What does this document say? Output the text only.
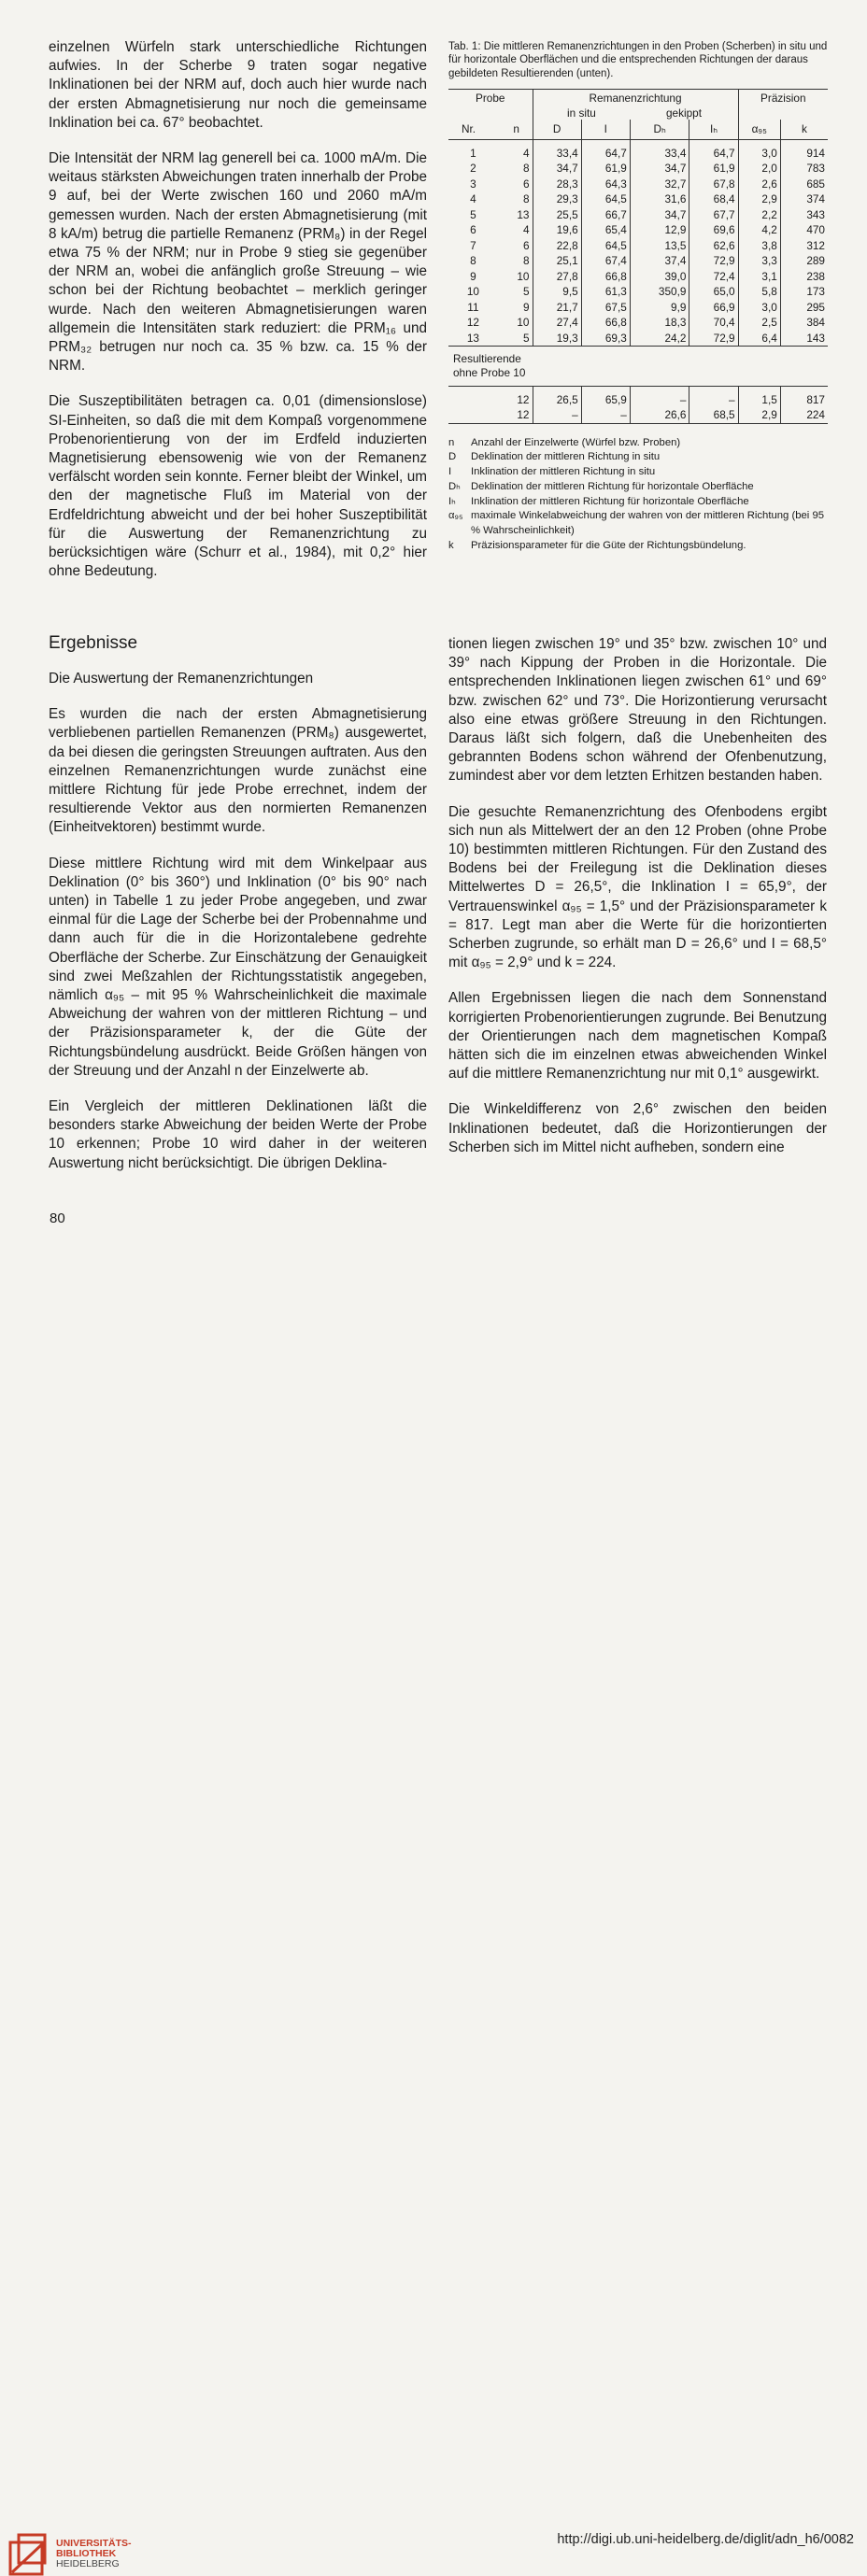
einzelnen Würfeln stark unterschiedliche Richtungen aufwies. In der Scherbe 9 traten sogar negative Inklinationen bei der NRM auf, doch auch hier wurde nach der ersten Abmagnetisierung nur noch die gemeinsame Inklination bei ca. 67° beobachtet.

Die Intensität der NRM lag generell bei ca. 1000 mA/m. Die weitaus stärksten Abweichungen traten innerhalb der Probe 9 auf, bei der Werte zwischen 160 und 2060 mA/m gemessen wurden. Nach der ersten Abmagnetisierung (mit 8 kA/m) betrug die partielle Remanenz (PRM₈) in der Regel etwa 75 % der NRM; nur in Probe 9 stieg sie gegenüber der NRM an, wobei die anfänglich große Streuung – wie schon bei der Richtung beobachtet – merklich geringer wurde. Nach den weiteren Abmagnetisierungen waren allgemein die Intensitäten stark reduziert: die PRM₁₆ und PRM₃₂ betrugen nur noch ca. 35 % bzw. ca. 15 % der NRM.

Die Suszeptibilitäten betragen ca. 0,01 (dimensionslose) SI-Einheiten, so daß die mit dem Kompaß vorgenommene Probenorientierung von der im Erdfeld induzierten Magnetisierung ebensowenig wie von der Remanenz verfälscht worden sein konnte. Ferner bleibt der Winkel, um den der magnetische Fluß im Material von der Erdfeldrichtung abweicht und der bei hoher Suszeptibilität für die Auswertung der Remanenzrichtung zu berücksichtigen wäre (Schurr et al., 1984), mit 0,2° hier ohne Bedeutung.

Ergebnisse
Die Auswertung der Remanenzrichtungen

Es wurden die nach der ersten Abmagnetisierung verbliebenen partiellen Remanenzen (PRM₈) ausgewertet, da bei diesen die geringsten Streuungen auftraten. Aus den einzelnen Remanenzrichtungen wurde zunächst eine mittlere Richtung für jede Probe errechnet, indem der resultierende Vektor aus den normierten Remanenzen (Einheitvektoren) bestimmt wurde.

Diese mittlere Richtung wird mit dem Winkelpaar aus Deklination (0° bis 360°) und Inklination (0° bis 90° nach unten) in Tabelle 1 zu jeder Probe angegeben, und zwar einmal für die Lage der Scherbe bei der Probennahme und dann auch für die in die Horizontalebene gedrehte Oberfläche der Scherbe. Zur Einschätzung der Genauigkeit sind zwei Meßzahlen der Richtungsstatistik angegeben, nämlich α₉₅ – mit 95 % Wahrscheinlichkeit die maximale Abweichung der wahren von der mittleren Richtung – und der Präzisionsparameter k, der die Güte der Richtungsbündelung ausdrückt. Beide Größen hängen von der Streuung und der Anzahl n der Einzelwerte ab.

Ein Vergleich der mittleren Deklinationen läßt die besonders starke Abweichung der beiden Werte der Probe 10 erkennen; Probe 10 wird daher in der weiteren Auswertung nicht berücksichtigt. Die übrigen Deklina-

Tab. 1: Die mittleren Remanenzrichtungen in den Proben (Scherben) in situ und für horizontale Oberflächen und die entsprechenden Richtungen der daraus gebildeten Resultierenden (unten).
Probe		Remanenzrichtung				Präzision	
		in situ		gekippt			
Nr.	n	D	I	Dₕ	Iₕ	α₉₅	k

1	4	33,4	64,7	33,4	64,7	3,0	914
2	8	34,7	61,9	34,7	61,9	2,0	783
3	6	28,3	64,3	32,7	67,8	2,6	685
4	8	29,3	64,5	31,6	68,4	2,9	374
5	13	25,5	66,7	34,7	67,7	2,2	343
6	4	19,6	65,4	12,9	69,6	4,2	470
7	6	22,8	64,5	13,5	62,6	3,8	312
8	8	25,1	67,4	37,4	72,9	3,3	289
9	10	27,8	66,8	39,0	72,4	3,1	238
10	5	9,5	61,3	350,9	65,0	5,8	173
11	9	21,7	67,5	9,9	66,9	3,0	295
12	10	27,4	66,8	18,3	70,4	2,5	384
13	5	19,3	69,3	24,2	72,9	6,4	143

Resultierende ohne Probe 10							

	12	26,5	65,9	–	–	1,5	817
	12	–	–	26,6	68,5	2,9	224
n	Anzahl der Einzelwerte (Würfel bzw. Proben)
D	Deklination der mittleren Richtung in situ
I	Inklination der mittleren Richtung in situ
Dₕ Deklination der mittleren Richtung für horizontale Oberfläche
Iₕ	Inklination der mittleren Richtung für horizontale Oberfläche
α₉₅ maximale Winkelabweichung der wahren von der mittleren Richtung (bei 95 % Wahrscheinlichkeit)
k	Präzisionsparameter für die Güte der Richtungsbündelung.

tionen liegen zwischen 19° und 35° bzw. zwischen 10° und 39° nach Kippung der Proben in die Horizontale. Die entsprechenden Inklinationen liegen zwischen 61° und 69° bzw. zwischen 62° und 73°. Die Horizontierung verursacht also eine etwas größere Streuung in den Richtungen. Daraus läßt sich folgern, daß die Unebenheiten des gebrannten Bodens schon während der Ofenbenutzung, zumindest aber vor dem letzten Erhitzen bestanden haben.

Die gesuchte Remanenzrichtung des Ofenbodens ergibt sich nun als Mittelwert der an den 12 Proben (ohne Probe 10) bestimmten mittleren Richtungen. Für den Zustand des Bodens bei der Freilegung ist die Deklination dieses Mittelwertes D = 26,5°, die Inklination I = 65,9°, der Vertrauenswinkel α₉₅ = 1,5° und der Präzisionsparameter k = 817. Legt man aber die Werte für die horizontierten Scherben zugrunde, so erhält man D = 26,6° und I = 68,5° mit α₉₅ = 2,9° und k = 224.

Allen Ergebnissen liegen die nach dem Sonnenstand korrigierten Probenorientierungen zugrunde. Bei Benutzung der Orientierungen nach dem magnetischen Kompaß hätten sich die im einzelnen etwas abweichenden Winkel auf die mittlere Remanenzrichtung nur mit 0,1° ausgewirkt.

Die Winkeldifferenz von 2,6° zwischen den beiden Inklinationen bedeutet, daß die Horizontierungen der Scherben sich im Mittel nicht aufheben, sondern eine

80
UNIVERSITÄTS-
BIBLIOTHEK
HEIDELBERG
http://digi.ub.uni-heidelberg.de/diglit/adn_h6/0082
